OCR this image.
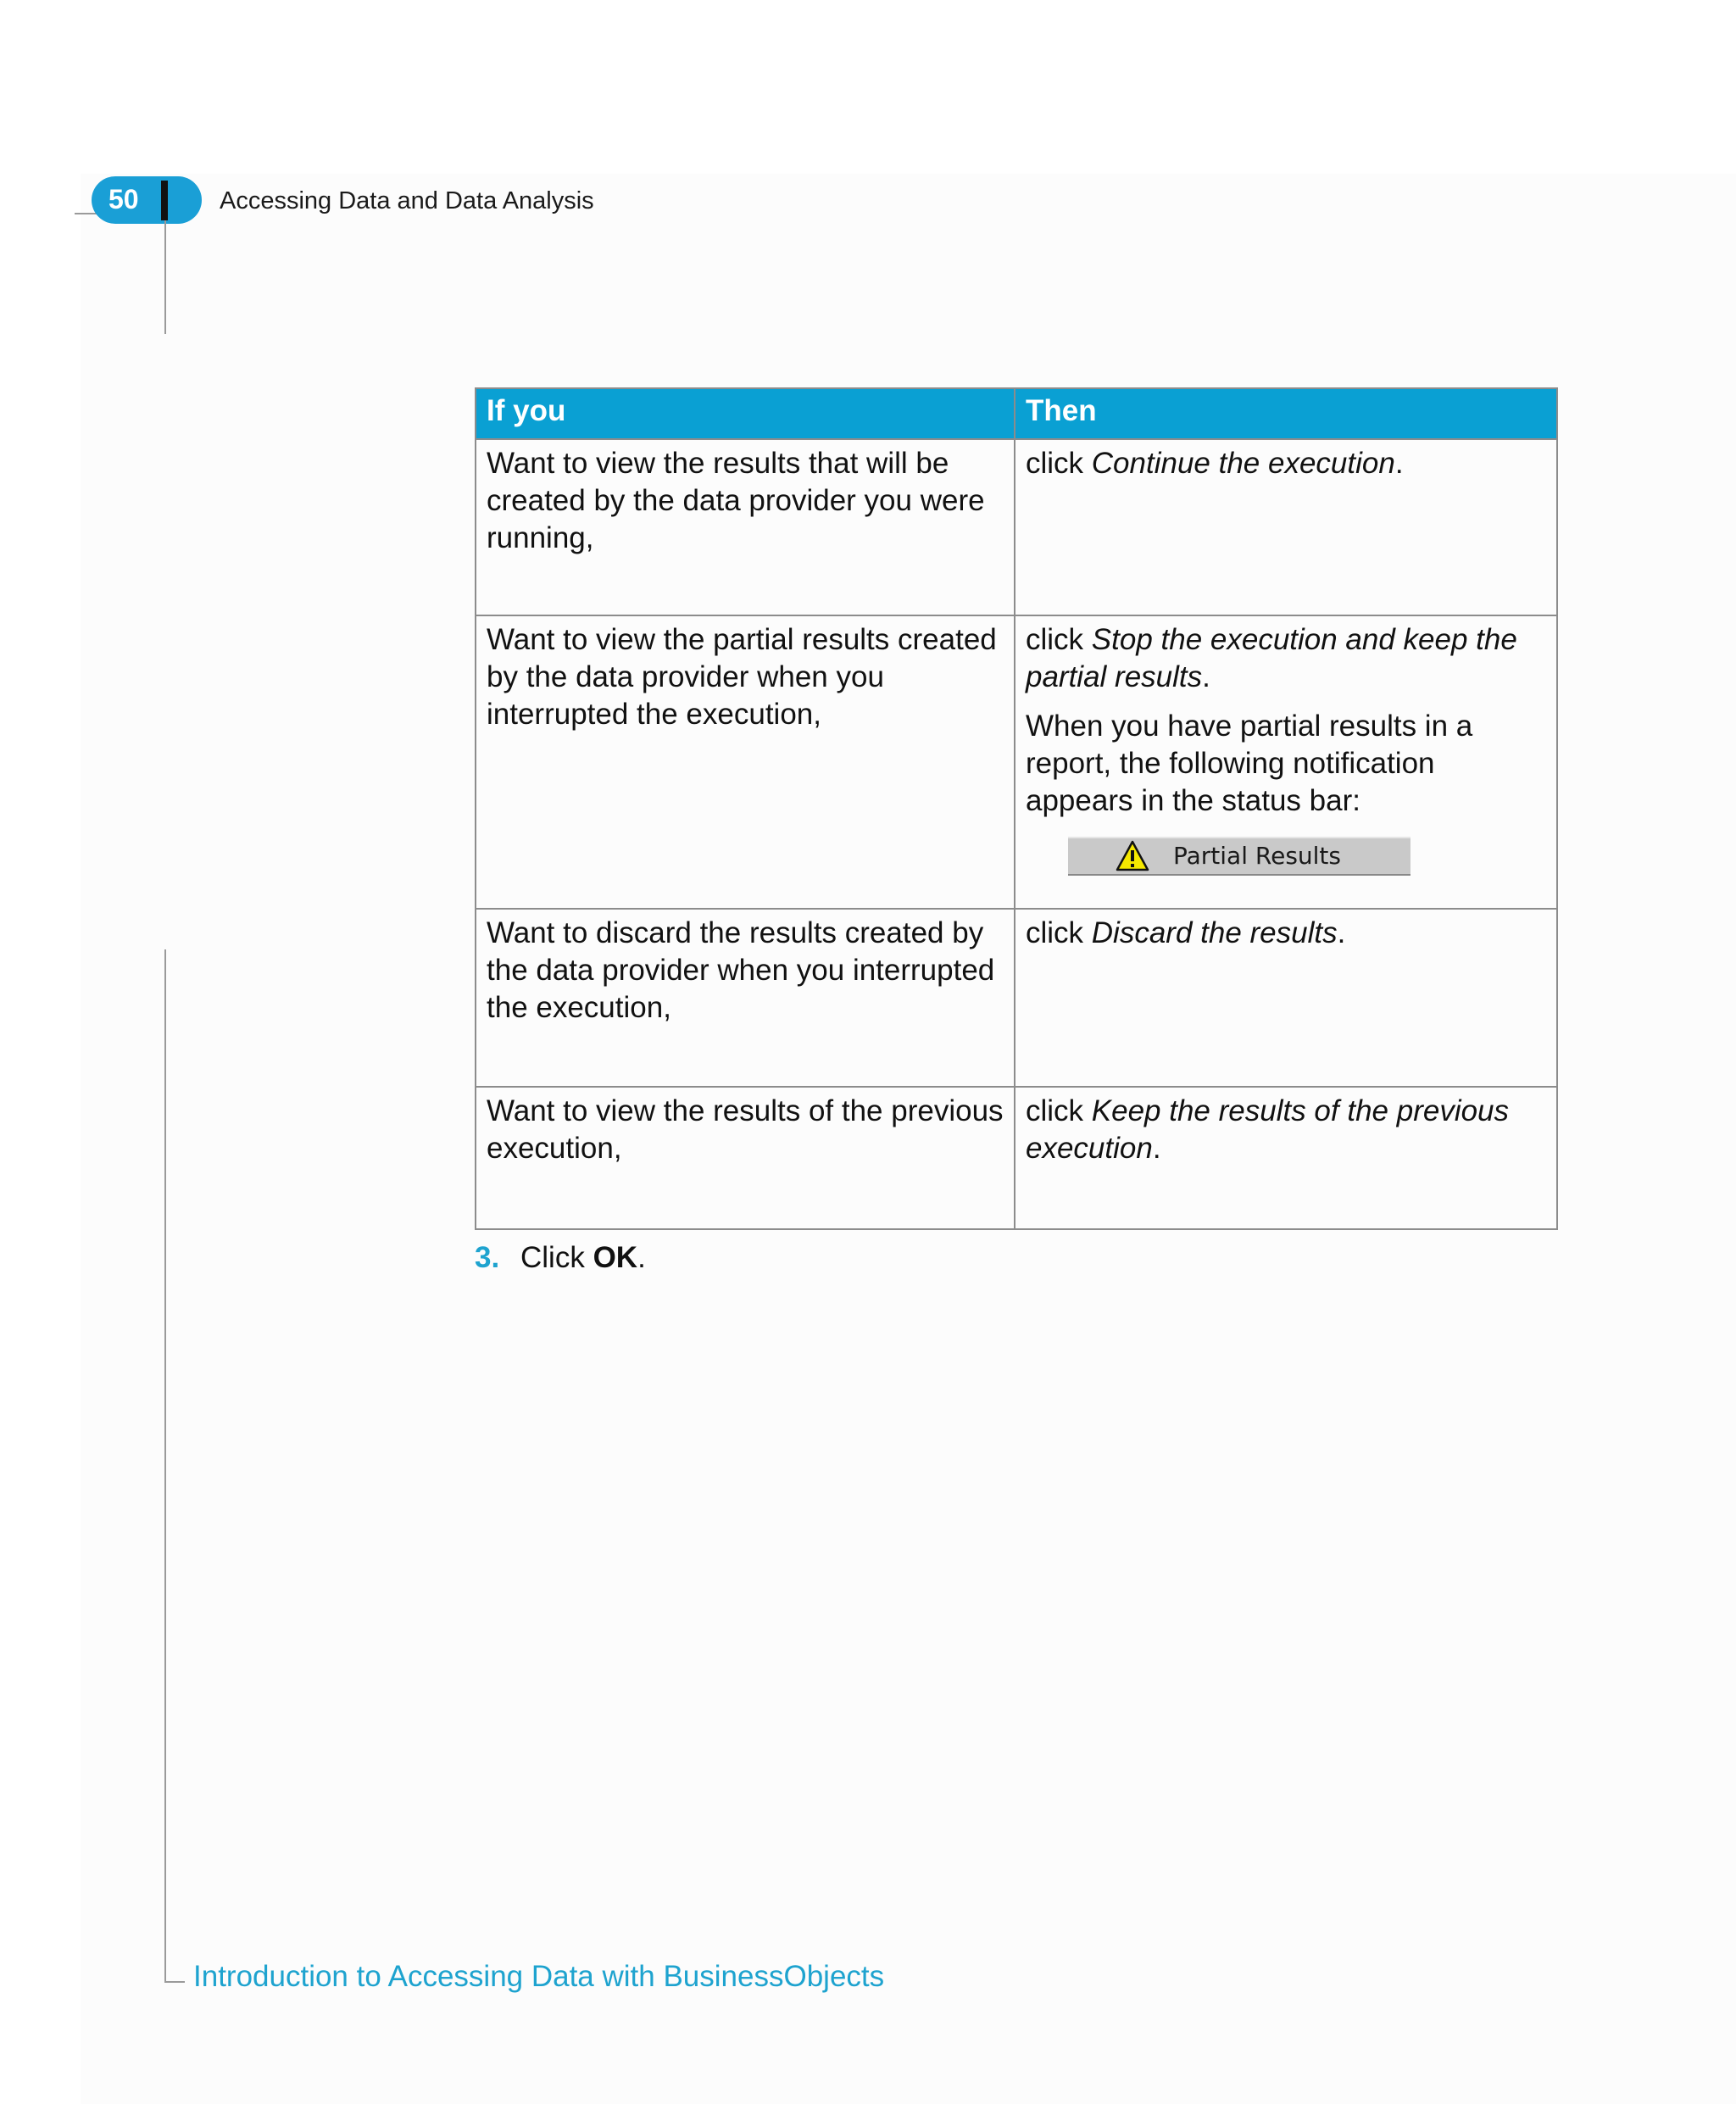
50	Accessing Data and Data Analysis
If you	Then
Want to view the results that will be created by the data provider you were running,	click Continue the execution.
Want to view the partial results created by the data provider when you interrupted the execution,	click Stop the execution and keep the partial results.
When you have partial results in a report, the following notification appears in the status bar:
Partial Results

Want to discard the results created by the data provider when you interrupted the execution,	click Discard the results.
Want to view the results of the previous execution,	click Keep the results of the previous execution.
3. Click OK.
Introduction to Accessing Data with BusinessObjects
